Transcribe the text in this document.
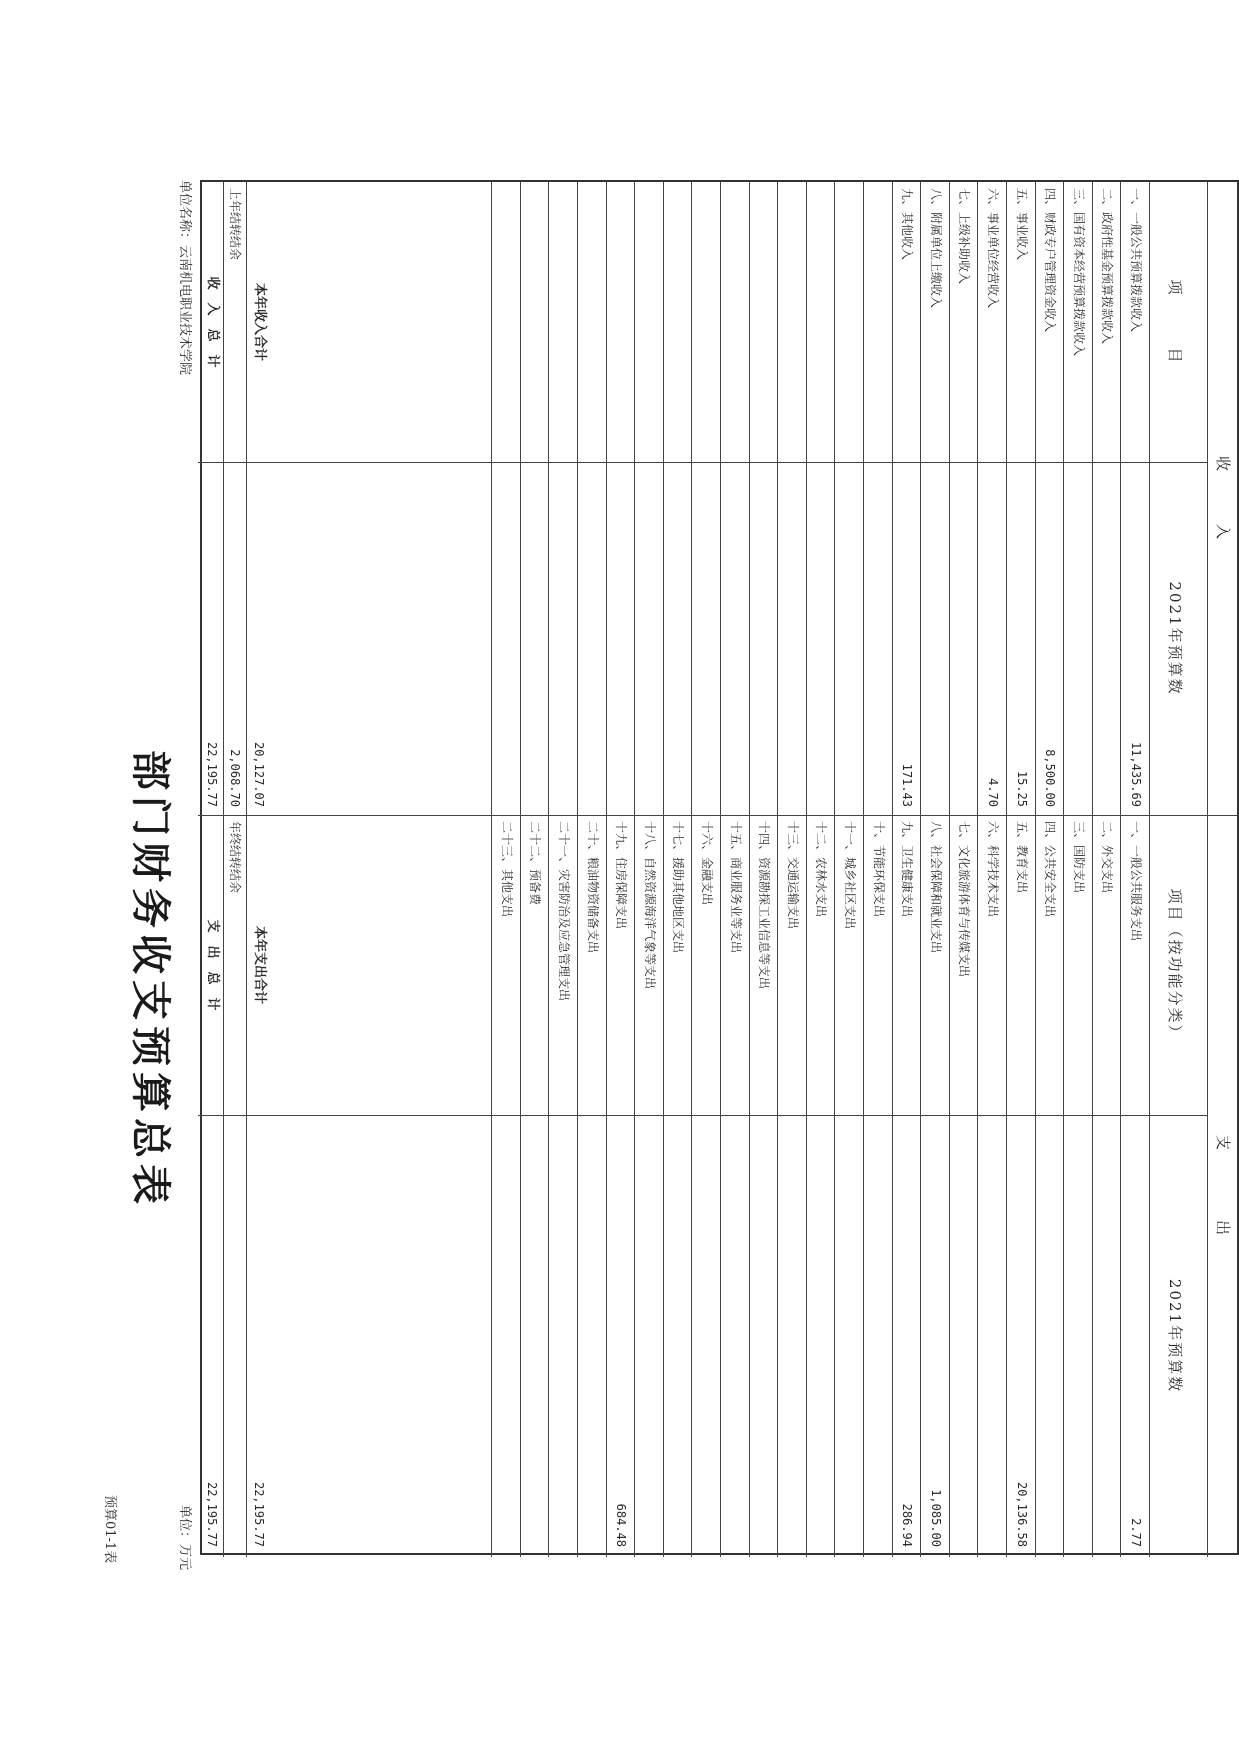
部门财务收支预算总表
预算01-1表
单位名称：云南机电职业技术学院
单位：万元
收　　　入
支　　　　出
项　　　目
2021年预算数
项目（按功能分类）
2021年预算数
一、一般公共预算拨款收入
11,435.69
一、一般公共服务支出
2.77
二、政府性基金预算拨款收入
二、外交支出
三、国有资本经营预算拨款收入
三、国防支出
四、财政专户管理资金收入
8,500.00
四、公共安全支出
五、事业收入
15.25
五、教育支出
20,136.58
六、事业单位经营收入
4.70
六、科学技术支出
七、上级补助收入
七、文化旅游体育与传媒支出
八、附属单位上缴收入
八、社会保障和就业支出
1,085.00
九、其他收入
171.43
九、卫生健康支出
286.94
十、节能环保支出
十一、城乡社区支出
十二、农林水支出
十三、交通运输支出
十四、资源勘探工业信息等支出
十五、商业服务业等支出
十六、金融支出
十七、援助其他地区支出
十八、自然资源海洋气象等支出
十九、住房保障支出
684.48
二十、粮油物资储备支出
二十一、灾害防治及应急管理支出
二十二、预备费
二十三、其他支出
本年收入合计
20,127.07
本年支出合计
22,195.77
上年结转结余
2,068.70
年终结转结余
收　入　总　计
22,195.77
支　出　总　计
22,195.77
